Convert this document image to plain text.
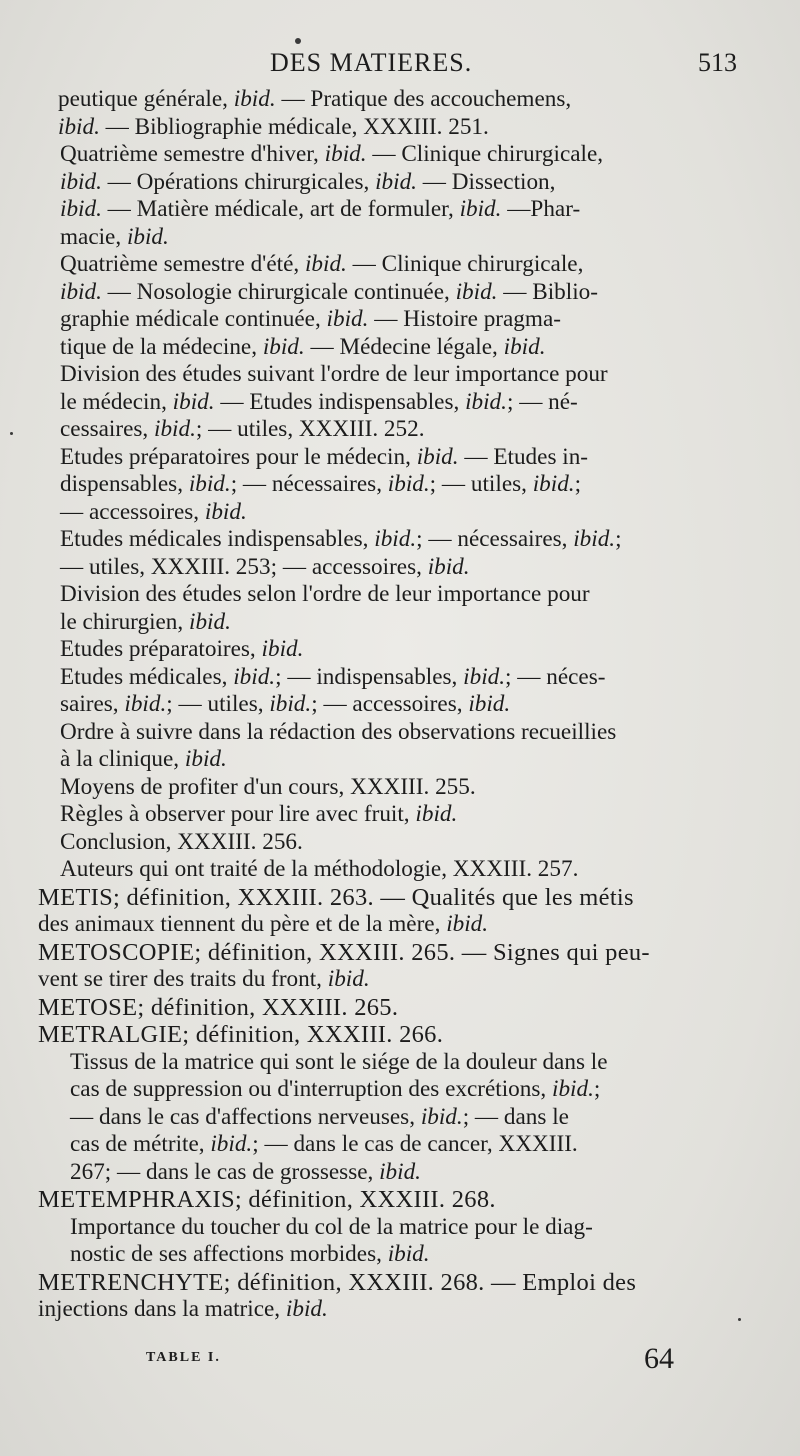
DES MATIERES.	513

peutique générale, ibid. — Pratique des accouchemens,
ibid. — Bibliographie médicale, XXXIII. 251.

Quatrième semestre d'hiver, ibid. — Clinique chirurgicale,
ibid. — Opérations chirurgicales, ibid. — Dissection,
ibid. — Matière médicale, art de formuler, ibid. —Phar-
macie, ibid.

Quatrième semestre d'été, ibid. — Clinique chirurgicale,
ibid. — Nosologie chirurgicale continuée, ibid. — Biblio-
graphie médicale continuée, ibid. — Histoire pragma-
tique de la médecine, ibid. — Médecine légale, ibid.

Division des études suivant l'ordre de leur importance pour
le médecin, ibid. — Etudes indispensables, ibid.; — né-
cessaires, ibid.; — utiles, XXXIII. 252.

Etudes préparatoires pour le médecin, ibid. — Etudes in-
dispensables, ibid.; — nécessaires, ibid.; — utiles, ibid.;
— accessoires, ibid.

Etudes médicales indispensables, ibid.; — nécessaires, ibid.;
— utiles, XXXIII. 253; — accessoires, ibid.

Division des études selon l'ordre de leur importance pour
le chirurgien, ibid.

Etudes préparatoires, ibid.

Etudes médicales, ibid.; — indispensables, ibid.; — néces-
saires, ibid.; — utiles, ibid.; — accessoires, ibid.

Ordre à suivre dans la rédaction des observations recueillies
à la clinique, ibid.

Moyens de profiter d'un cours, XXXIII. 255.

Règles à observer pour lire avec fruit, ibid.

Conclusion, XXXIII. 256.

Auteurs qui ont traité de la méthodologie, XXXIII. 257.

METIS; définition, XXXIII. 263. — Qualités que les métis
des animaux tiennent du père et de la mère, ibid.

METOSCOPIE; définition, XXXIII. 265. — Signes qui peu-
vent se tirer des traits du front, ibid.

METOSE; définition, XXXIII. 265.

METRALGIE; définition, XXXIII. 266.

Tissus de la matrice qui sont le siége de la douleur dans le
cas de suppression ou d'interruption des excrétions, ibid.;
— dans le cas d'affections nerveuses, ibid.; — dans le
cas de métrite, ibid.; — dans le cas de cancer, XXXIII.
267; — dans le cas de grossesse, ibid.

METEMPHRAXIS; définition, XXXIII. 268.

Importance du toucher du col de la matrice pour le diag-
nostic de ses affections morbides, ibid.

METRENCHYTE; définition, XXXIII. 268. — Emploi des
injections dans la matrice, ibid.

TABLE I.	64
